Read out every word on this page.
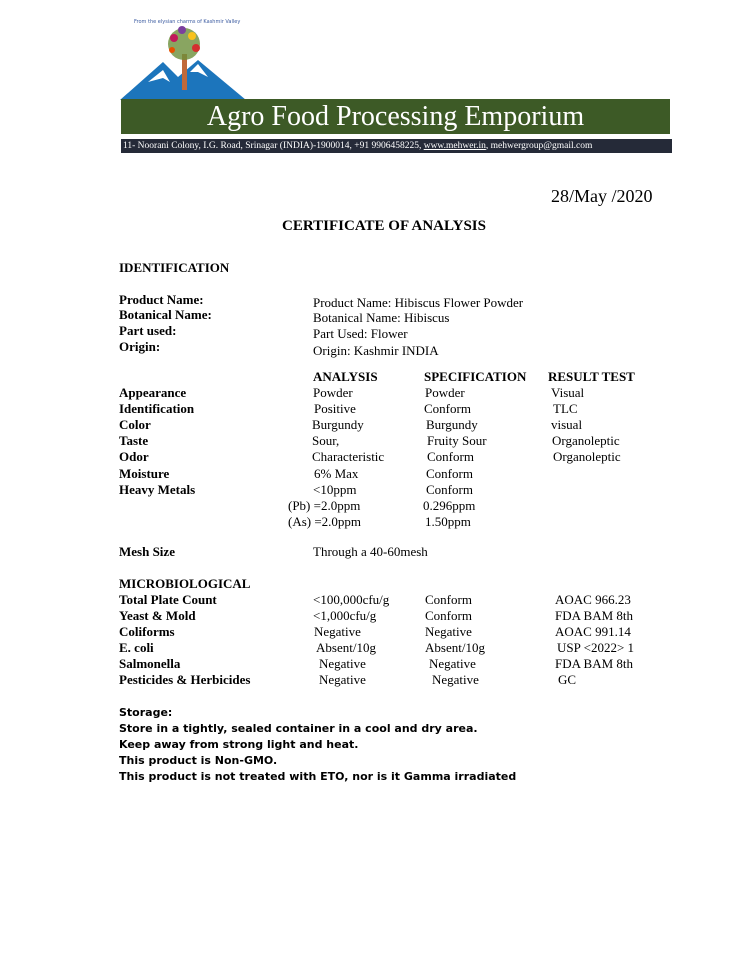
From the elysian charms of Kashmir Valley
Agro Food Processing Emporium
11- Noorani Colony, I.G. Road, Srinagar (INDIA)-1900014, +91 9906458225, www.mehwer.in, mehwergroup@gmail.com
28/May /2020
CERTIFICATE OF ANALYSIS
IDENTIFICATION
Product Name:
Botanical Name:
Part used:
Origin:
Product Name: Hibiscus Flower Powder
Botanical Name: Hibiscus
Part Used: Flower
Origin: Kashmir INDIA
ANALYSIS	SPECIFICATION RESULT TEST
Appearance	Powder	Powder	Visual
Identification	Positive	Conform	TLC
Color	Burgundy	Burgundy	visual
Taste	Sour,	Fruity Sour	Organoleptic
Odor	Characteristic	Conform	Organoleptic
Moisture	6% Max	Conform
Heavy Metals	<10ppm	Conform
(Pb) =2.0ppm	0.296ppm
(As) =2.0ppm	1.50ppm
Mesh Size	Through a 40-60mesh
MICROBIOLOGICAL
Total Plate Count	<100,000cfu/g	Conform	AOAC 966.23
Yeast & Mold	<1,000cfu/g	Conform	FDA BAM 8th
Coliforms	Negative	Negative	AOAC 991.14
E. coli	Absent/10g	Absent/10g	USP <2022> 1
Salmonella	Negative	Negative	FDA BAM 8th
Pesticides & Herbicides	Negative	Negative	GC
Storage:
Store in a tightly, sealed container in a cool and dry area.
Keep away from strong light and heat.
This product is Non-GMO.
This product is not treated with ETO, nor is it Gamma irradiated
